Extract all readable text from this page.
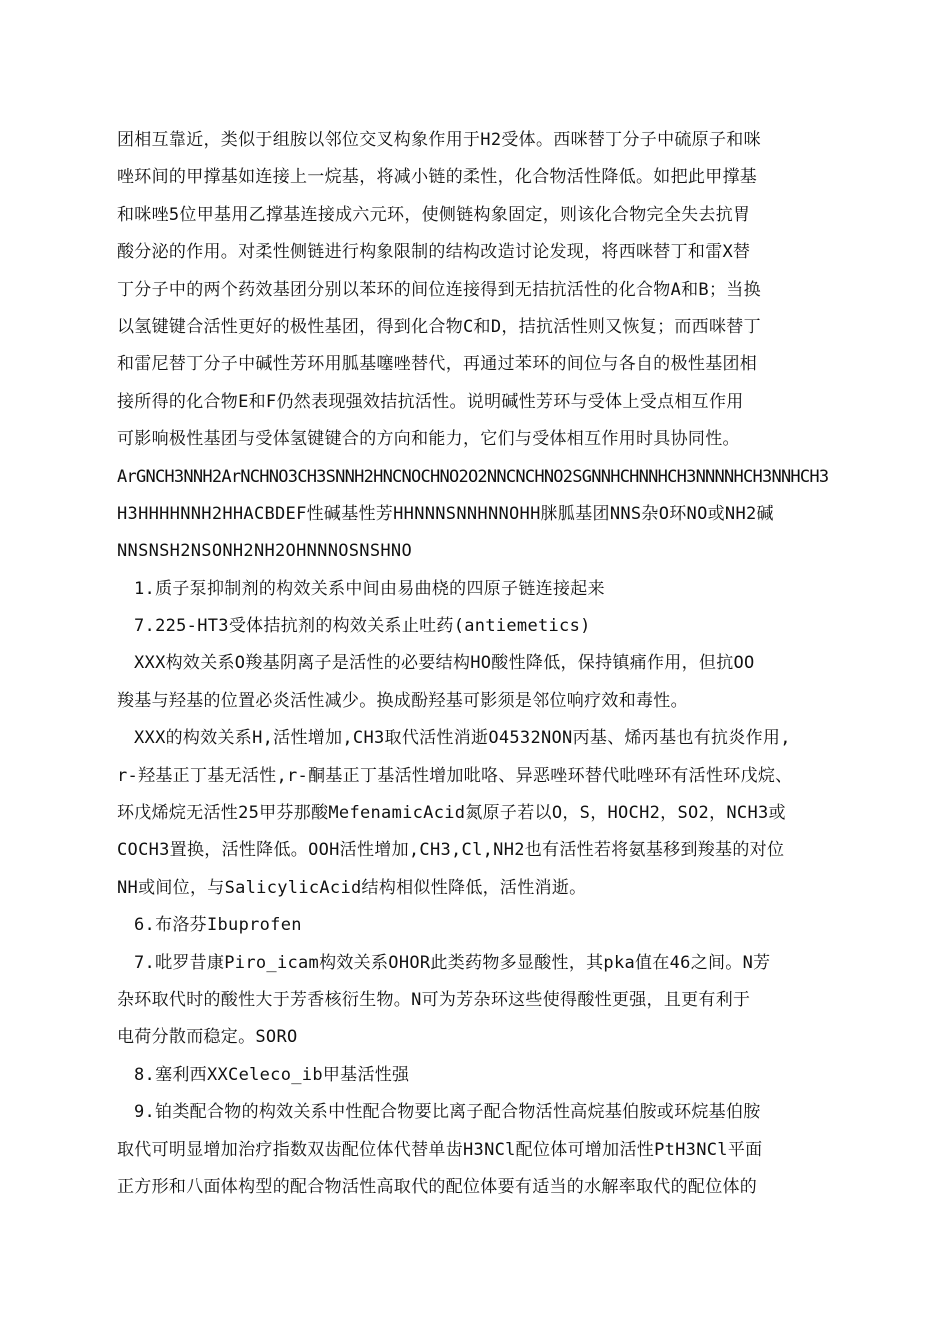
团相互靠近，类似于组胺以邻位交叉构象作用于H2受体。西咪替丁分子中硫原子和咪
唑环间的甲撑基如连接上一烷基，将减小链的柔性，化合物活性降低。如把此甲撑基
和咪唑5位甲基用乙撑基连接成六元环，使侧链构象固定，则该化合物完全失去抗胃
酸分泌的作用。对柔性侧链进行构象限制的结构改造讨论发现，将西咪替丁和雷X替
丁分子中的两个药效基团分别以苯环的间位连接得到无拮抗活性的化合物A和B；当换
以氢键键合活性更好的极性基团，得到化合物C和D，拮抗活性则又恢复；而西咪替丁
和雷尼替丁分子中碱性芳环用胍基噻唑替代，再通过苯环的间位与各自的极性基团相
接所得的化合物E和F仍然表现强效拮抗活性。说明碱性芳环与受体上受点相互作用
可影响极性基团与受体氢键键合的方向和能力，它们与受体相互作用时具协同性。
ArGNCH3NNH2ArNCHNO3CH3SNNH2HNCNOCHNO2O2NNCNCHNO2SGNNHCHNNHCH3NNNNHCH3NNHCH3
H3HHHHNNH2HHACBDEF性碱基性芳HHNNNSNNHNNOHH脒胍基团NNS杂O环NO或NH2碱
NNSNSH2NSONH2NH2OHNNNOSNSHNO
1.质子泵抑制剂的构效关系中间由易曲桡的四原子链连接起来
7.225-HT3受体拮抗剂的构效关系止吐药(antiemetics)
XXX构效关系O羧基阴离子是活性的必要结构HO酸性降低，保持镇痛作用，但抗OO
羧基与羟基的位置必炎活性减少。换成酚羟基可影须是邻位响疗效和毒性。
XXX的构效关系H,活性增加,CH3取代活性消逝O4532NON丙基、烯丙基也有抗炎作用,
r-羟基正丁基无活性,r-酮基正丁基活性增加吡咯、异恶唑环替代吡唑环有活性环戊烷、
环戊烯烷无活性25甲芬那酸MefenamicAcid氮原子若以O，S，HOCH2，SO2，NCH3或
COCH3置换，活性降低。OOH活性增加,CH3,Cl,NH2也有活性若将氨基移到羧基的对位
NH或间位，与SalicylicAcid结构相似性降低，活性消逝。
6.布洛芬Ibuprofen
7.吡罗昔康Piro_icam构效关系OHOR此类药物多显酸性，其pka值在46之间。N芳
杂环取代时的酸性大于芳香核衍生物。N可为芳杂环这些使得酸性更强，且更有利于
电荷分散而稳定。SORO
8.塞利西XXCeleco_ib甲基活性强
9.铂类配合物的构效关系中性配合物要比离子配合物活性高烷基伯胺或环烷基伯胺
取代可明显增加治疗指数双齿配位体代替单齿H3NCl配位体可增加活性PtH3NCl平面
正方形和八面体构型的配合物活性高取代的配位体要有适当的水解率取代的配位体的
